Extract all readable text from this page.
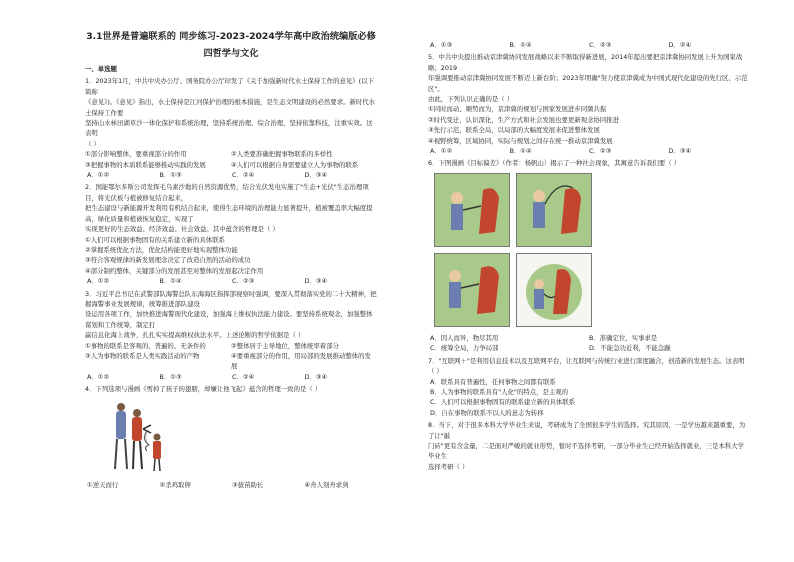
3.1世界是普遍联系的 同步练习-2023-2024学年高中政治统编版必修四哲学与文化
一、单选题

1．2023年1月，中共中央办公厅、国务院办公厅印发了《关于加强新时代水土保持工作的意见》(以下简称

《意见》)。《意见》指出，水土保持是江河保护治理的根本措施，是生态文明建设的必然要求。新时代水土保持工作要

坚持山水林田湖草沙一体化保护和系统治理，坚持系统治理、综合治理，坚持依靠科技，注重实效。这表明

（ ）

①部分影响整体，要重视部分的作用	②人类要准确把握事物联系的多样性
③把握事物的本质联系能够推动实践的发展	④人们可以根据自身需要建立人为事物的联系
A．①②	B．①③	C．②④	D．③④

2．国能鄂尔多斯公司发挥毛乌素沙地的自然资源优势，结合光伏发电实施了"生态+光伏"生态治理项目，将光伏板与植被修复结合起来，

把生态建设与新能源开发利用有机结合起来，使得生态环境的治理能力显著提升，植被覆盖率大幅度提高，绿化质量和植被恢复稳定，实现了

实现更好的生态效益、经济效益、社会效益。其中蕴含的哲理是（ ）

①人们可以根据事物固有的关系建立新的具体联系

②掌握系统优化方法，优化结构能更好地实现整体功能

③符合客观规律的新发展理念决定了改造自然的活动的成功

④部分制约整体，关键部分的发展甚至对整体的发展起决定作用

A．①②	B．①④	C．②③	D．③④

3．习近平总书记在武警部队海警总队东海海区指挥部视察时强调，要深入贯彻落实党的二十大精神，把握海警事业发展规律，统筹推进部队建设

设运用各项工作，加快推进海警现代化建设，加强海上维权执法能力建设。要坚持系统观念，加强整体谋划和工作统筹，制定打

赢信息化海上战争，扎扎实实提高维权执法水平。上述论断的哲学依据是（ ）

①事物的联系是客观的、普遍的、无条件的	②整体居于主导地位，整体统率着部分
③人为事物的联系是人类实践活动的产物	④要重视部分的作用，用局部的发展推动整体的发展
A．①②	B．①③	C．②④	D．③④

4．下列选项与漫画《剪掉了孩子的翅膀，却嫌让他飞起》蕴含的哲理一致的是（ ）

①逆天而行	②杀鸡取卵	③拔苗助长	④舟人刻舟求剑
A．①③	B．①④	C．②③	D．②④

5．中共中央提出推动京津冀协同发展战略以来不断取得新进展，2014年提出要把京津冀协同发展上升为国家战略；2019

年强调要推动京津冀协同发展不断迈上新台阶；2023年明确"努力使京津冀成为中国式现代化建设的先行区、示范区"。

由此，下列认识正确的是（ ）

①同时而动、顺势而为，京津冀的规划与国家发展进步同频共振

②时代变迁，认识深化，生产方式和社会发展也要更新观念协同推进

③先行示范，联系全局，以局部的大幅度发展来促进整体发展

④视野统筹，区域协同，实际与规划之间存在统一推动京津冀发展

A．①②	B．①④	C．②③	D．③④

6．下图漫画《目标偏差》（作者：杨帆山）揭示了一种社会现象，其寓意告诉我们要（ ）

A．因人而异，物尽其用	B．准确定位，实事求是
C．统筹全局，力争局部	D．不能急功近利，不能急躁

7．"互联网＋"是利用信息技术以及互联网平台，让互联网与传统行业进行深度融合，创造新的发展生态。这表明

（ ）

A．联系具有普遍性，任何事物之间都有联系

B．人为事物的联系具有"人化"的特点，是主观的

C．人们可以根据事物固有的联系建立新的具体联系

D．自在事物的联系不以人的意志为转移

8．当下，对于很多本科大学毕业生来说，考研成为了全国很多学生的选择。究其原因，一是学历越来越重要，为了让"敲

门砖"更有含金量，二是面对严峻的就业形势，暂时不选择考研，一部分毕业生已经开始选择就业，三是本科大学毕业生

选择考研（ ）
